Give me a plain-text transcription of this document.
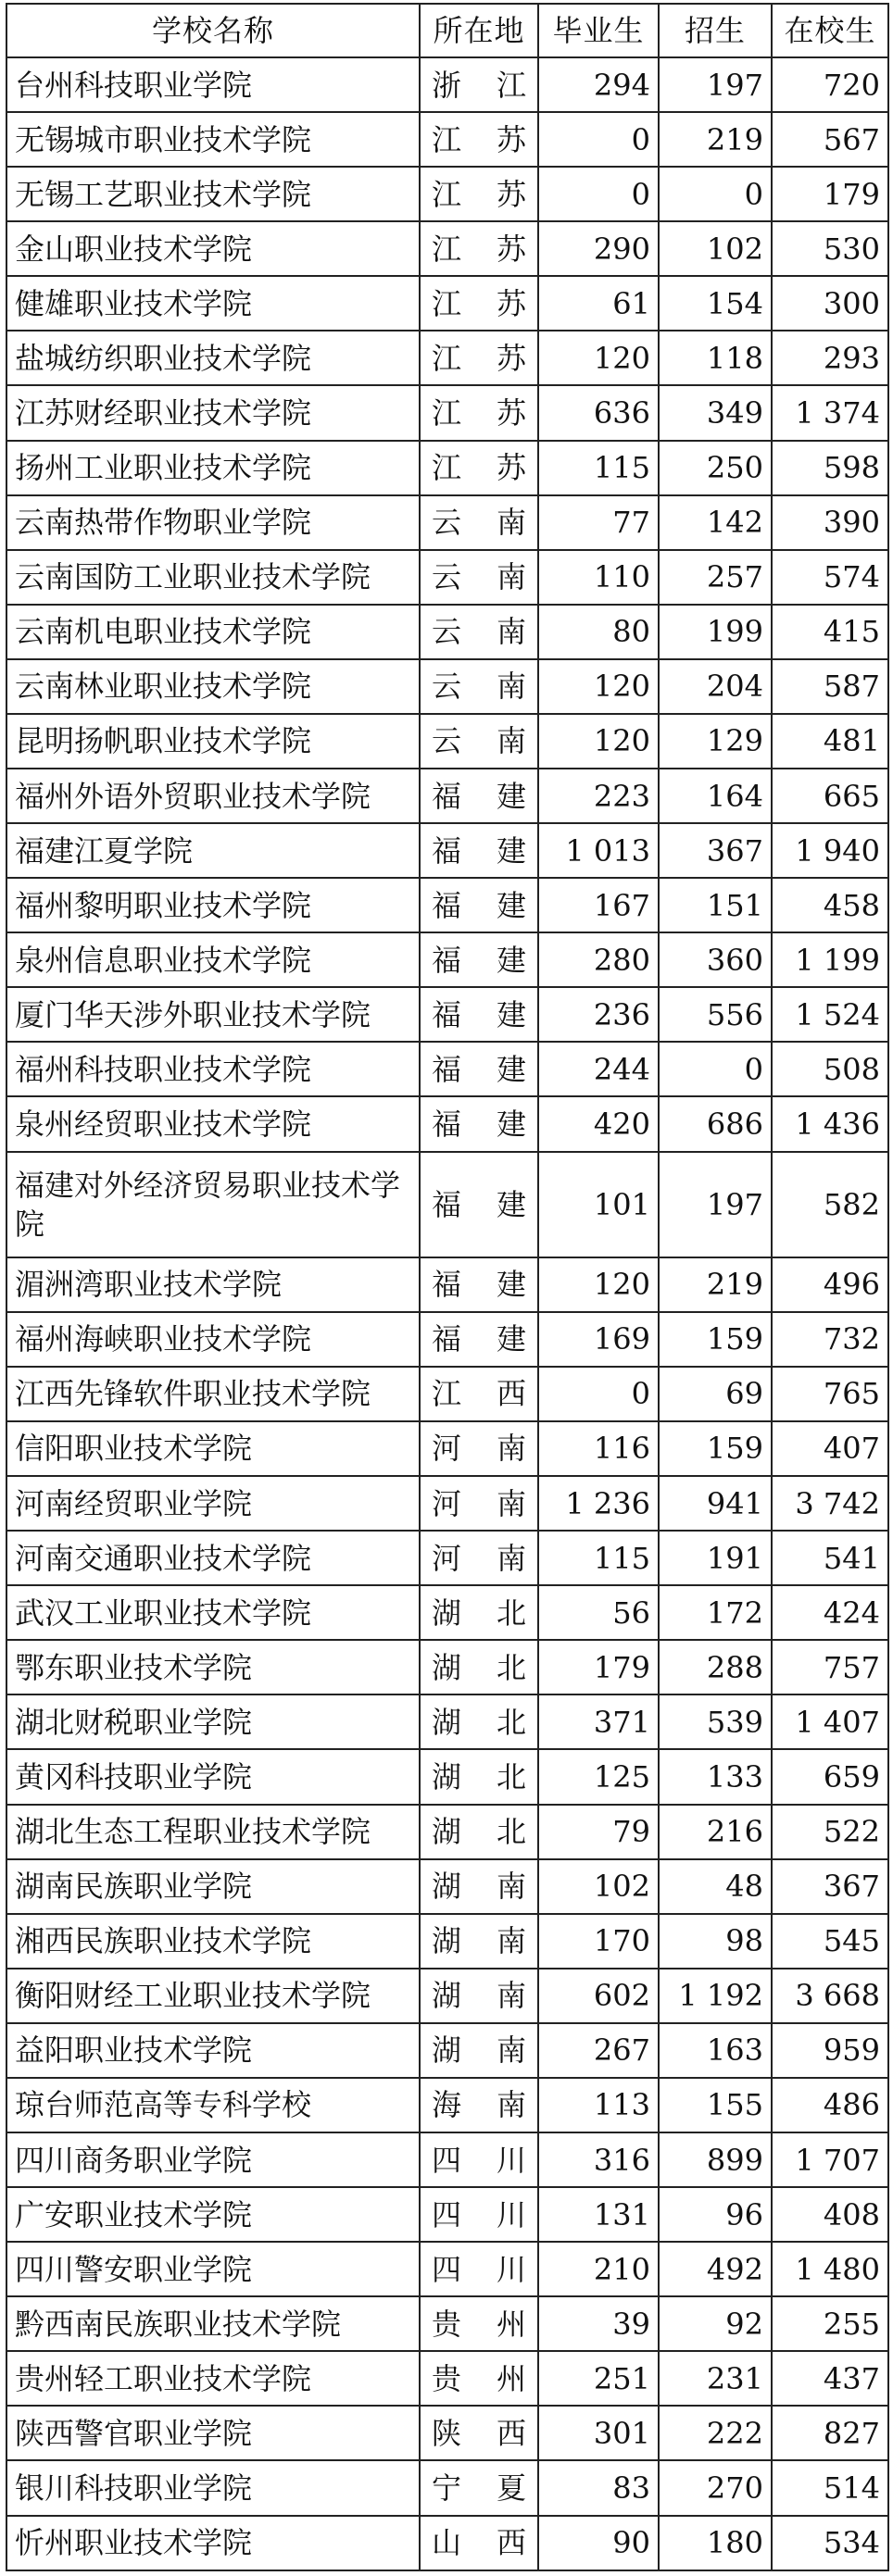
学校名称	所在地	毕业生	招生	在校生
台州科技职业学院	浙江	294	197	720
无锡城市职业技术学院	江苏	0	219	567
无锡工艺职业技术学院	江苏	0	0	179
金山职业技术学院	江苏	290	102	530
健雄职业技术学院	江苏	61	154	300
盐城纺织职业技术学院	江苏	120	118	293
江苏财经职业技术学院	江苏	636	349	1 374
扬州工业职业技术学院	江苏	115	250	598
云南热带作物职业学院	云南	77	142	390
云南国防工业职业技术学院	云南	110	257	574
云南机电职业技术学院	云南	80	199	415
云南林业职业技术学院	云南	120	204	587
昆明扬帆职业技术学院	云南	120	129	481
福州外语外贸职业技术学院	福建	223	164	665
福建江夏学院	福建	1 013	367	1 940
福州黎明职业技术学院	福建	167	151	458
泉州信息职业技术学院	福建	280	360	1 199
厦门华天涉外职业技术学院	福建	236	556	1 524
福州科技职业技术学院	福建	244	0	508
泉州经贸职业技术学院	福建	420	686	1 436
福建对外经济贸易职业技术学院	福建	101	197	582
湄洲湾职业技术学院	福建	120	219	496
福州海峡职业技术学院	福建	169	159	732
江西先锋软件职业技术学院	江西	0	69	765
信阳职业技术学院	河南	116	159	407
河南经贸职业学院	河南	1 236	941	3 742
河南交通职业技术学院	河南	115	191	541
武汉工业职业技术学院	湖北	56	172	424
鄂东职业技术学院	湖北	179	288	757
湖北财税职业学院	湖北	371	539	1 407
黄冈科技职业学院	湖北	125	133	659
湖北生态工程职业技术学院	湖北	79	216	522
湖南民族职业学院	湖南	102	48	367
湘西民族职业技术学院	湖南	170	98	545
衡阳财经工业职业技术学院	湖南	602	1 192	3 668
益阳职业技术学院	湖南	267	163	959
琼台师范高等专科学校	海南	113	155	486
四川商务职业学院	四川	316	899	1 707
广安职业技术学院	四川	131	96	408
四川警安职业学院	四川	210	492	1 480
黔西南民族职业技术学院	贵州	39	92	255
贵州轻工职业技术学院	贵州	251	231	437
陕西警官职业学院	陕西	301	222	827
银川科技职业学院	宁夏	83	270	514
忻州职业技术学院	山西	90	180	534
